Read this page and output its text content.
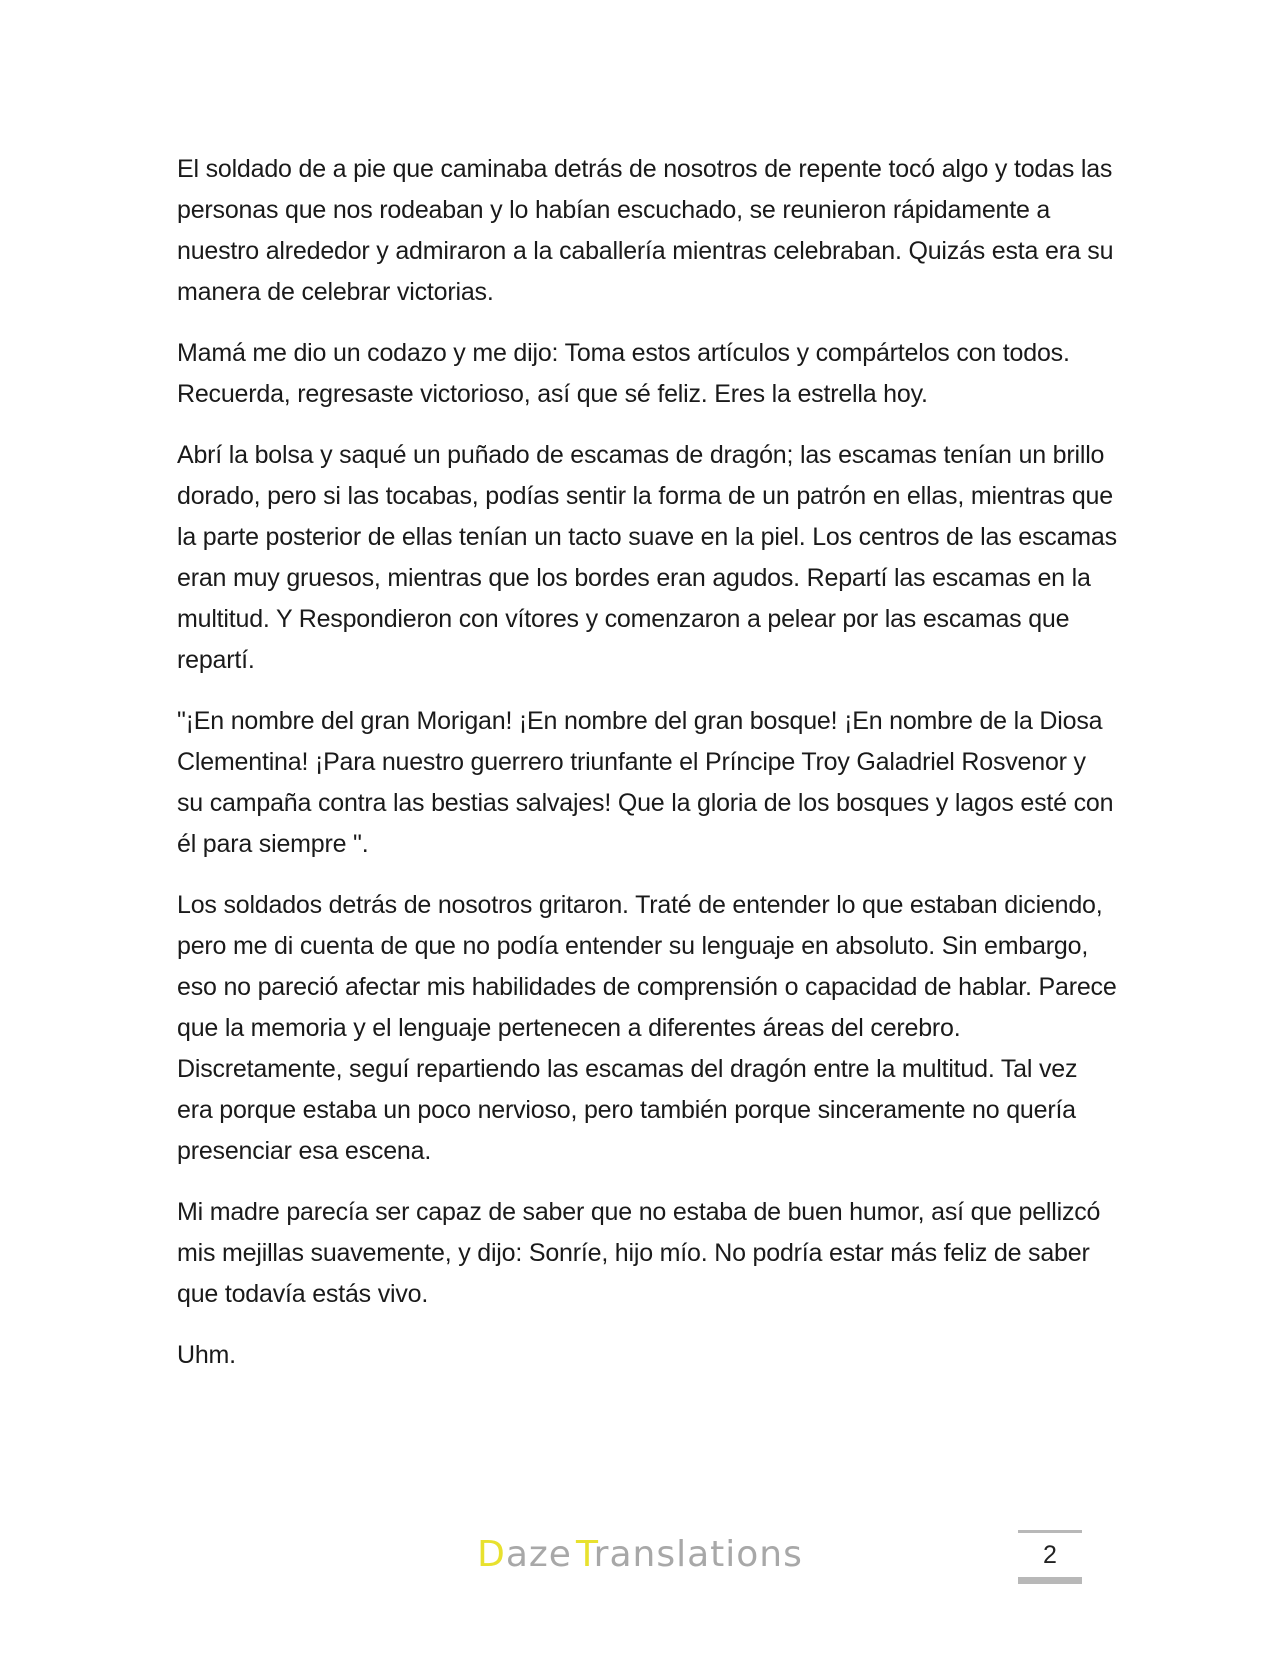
El soldado de a pie que caminaba detrás de nosotros de repente tocó algo y todas las personas que nos rodeaban y lo habían escuchado, se reunieron rápidamente a nuestro alrededor y admiraron a la caballería mientras celebraban. Quizás esta era su manera de celebrar victorias.

Mamá me dio un codazo y me dijo: Toma estos artículos y compártelos con todos. Recuerda, regresaste victorioso, así que sé feliz. Eres la estrella hoy.

Abrí la bolsa y saqué un puñado de escamas de dragón; las escamas tenían un brillo dorado, pero si las tocabas, podías sentir la forma de un patrón en ellas, mientras que la parte posterior de ellas tenían un tacto suave en la piel. Los centros de las escamas eran muy gruesos, mientras que los bordes eran agudos. Repartí las escamas en la multitud. Y Respondieron con vítores y comenzaron a pelear por las escamas que repartí.

"¡En nombre del gran Morigan! ¡En nombre del gran bosque! ¡En nombre de la Diosa Clementina! ¡Para nuestro guerrero triunfante el Príncipe Troy Galadriel Rosvenor y su campaña contra las bestias salvajes! Que la gloria de los bosques y lagos esté con él para siempre ".

Los soldados detrás de nosotros gritaron. Traté de entender lo que estaban diciendo, pero me di cuenta de que no podía entender su lenguaje en absoluto. Sin embargo, eso no pareció afectar mis habilidades de comprensión o capacidad de hablar. Parece que la memoria y el lenguaje pertenecen a diferentes áreas del cerebro. Discretamente, seguí repartiendo las escamas del dragón entre la multitud. Tal vez era porque estaba un poco nervioso, pero también porque sinceramente no quería presenciar esa escena.

Mi madre parecía ser capaz de saber que no estaba de buen humor, así que pellizcó mis mejillas suavemente, y dijo: Sonríe, hijo mío. No podría estar más feliz de saber que todavía estás vivo.

Uhm.

Daze Translations	2
